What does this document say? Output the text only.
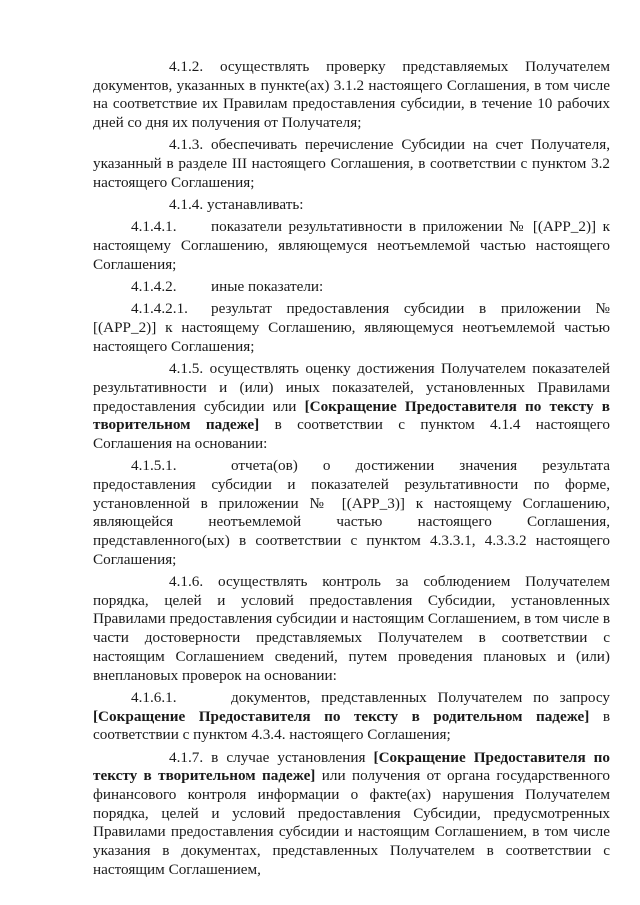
4.1.2. осуществлять проверку представляемых Получателем документов, указанных в пункте(ах) 3.1.2 настоящего Соглашения, в том числе на соответствие их Правилам предоставления субсидии, в течение 10 рабочих дней со дня их получения от Получателя;

4.1.3. обеспечивать перечисление Субсидии на счет Получателя, указанный в разделе III настоящего Соглашения, в соответствии с пунктом 3.2 настоящего Соглашения;

4.1.4. устанавливать:

4.1.4.1. показатели результативности в приложении № [(APP_2)] к настоящему Соглашению, являющемуся неотъемлемой частью настоящего Соглашения;

4.1.4.2. иные показатели:

4.1.4.2.1. результат предоставления субсидии в приложении № [(APP_2)] к настоящему Соглашению, являющемуся неотъемлемой частью настоящего Соглашения;

4.1.5. осуществлять оценку достижения Получателем показателей результативности и (или) иных показателей, установленных Правилами предоставления субсидии или [Сокращение Предоставителя по тексту в творительном падеже] в соответствии с пунктом 4.1.4 настоящего Соглашения на основании:

4.1.5.1.	отчета(ов) о достижении значения результата предоставления субсидии и показателей результативности по форме, установленной в приложении № [(APP_3)] к настоящему Соглашению, являющейся неотъемлемой частью настоящего Соглашения, представленного(ых) в соответствии с пунктом 4.3.3.1, 4.3.3.2 настоящего Соглашения;

4.1.6. осуществлять контроль за соблюдением Получателем порядка, целей и условий предоставления Субсидии, установленных Правилами предоставления субсидии и настоящим Соглашением, в том числе в части достоверности представляемых Получателем в соответствии с настоящим Соглашением сведений, путем проведения плановых и (или) внеплановых проверок на основании:

4.1.6.1.	документов, представленных Получателем по запросу [Сокращение Предоставителя по тексту в родительном падеже] в соответствии с пунктом 4.3.4. настоящего Соглашения;

4.1.7. в случае установления [Сокращение Предоставителя по тексту в творительном падеже] или получения от органа государственного финансового контроля информации о факте(ах) нарушения Получателем порядка, целей и условий предоставления Субсидии, предусмотренных Правилами предоставления субсидии и настоящим Соглашением, в том числе указания в документах, представленных Получателем в соответствии с настоящим Соглашением,
